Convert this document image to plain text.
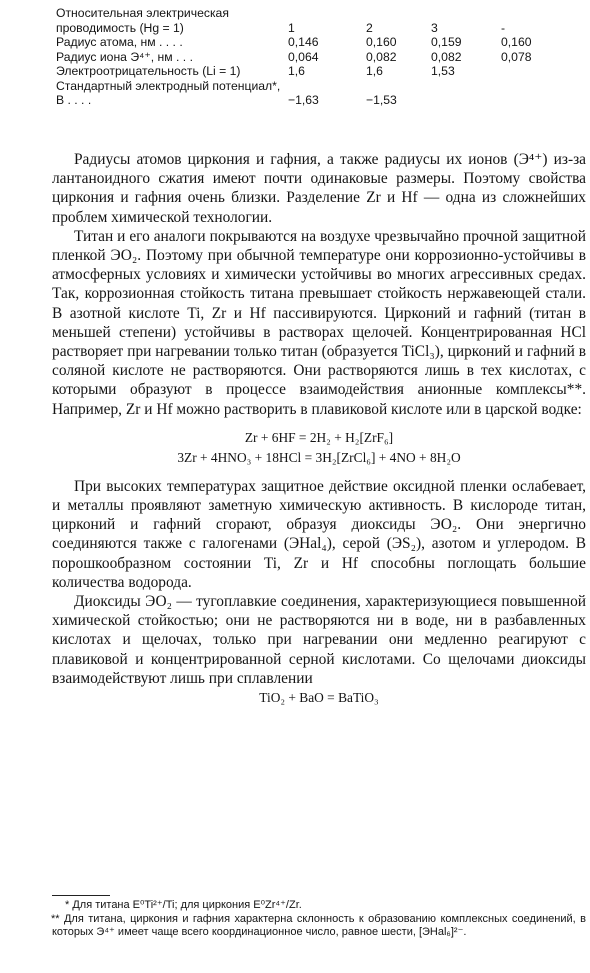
Относительная электрическая проводимость (Hg = 1)	1	2	3	-
Радиус атома, нм . . . .	0,146	0,160	0,159	0,160
Радиус иона Э⁴⁺, нм . . .	0,064	0,082	0,082	0,078
Электроотрицательность (Li = 1)	1,6	1,6	1,53	
Стандартный электродный потенциал*, В . . . .	−1,63	−1,53		

Радиусы атомов циркония и гафния, а также радиусы их ионов (Э⁴⁺) из-за лантаноидного сжатия имеют почти одинаковые размеры. Поэтому свойства циркония и гафния очень близки. Разделение Zr и Hf — одна из сложнейших проблем химической технологии.

Титан и его аналоги покрываются на воздухе чрезвычайно прочной защитной пленкой ЭО₂. Поэтому при обычной температуре они коррозионно-устойчивы в атмосферных условиях и химически устойчивы во многих агрессивных средах. Так, коррозионная стойкость титана превышает стойкость нержавеющей стали. В азотной кислоте Ti, Zr и Hf пассивируются. Цирконий и гафний (титан в меньшей степени) устойчивы в растворах щелочей. Концентрированная HCl растворяет при нагревании только титан (образуется TiCl₃), цирконий и гафний в соляной кислоте не растворяются. Они растворяются лишь в тех кислотах, с которыми образуют в процессе взаимодействия анионные комплексы**. Например, Zr и Hf можно растворить в плавиковой кислоте или в царской водке:

Zr + 6HF = 2H₂ + H₂[ZrF₆]

3Zr + 4HNO₃ + 18HCl = 3H₂[ZrCl₆] + 4NO + 8H₂O

При высоких температурах защитное действие оксидной пленки ослабевает, и металлы проявляют заметную химическую активность. В кислороде титан, цирконий и гафний сгорают, образуя диоксиды ЭО₂. Они энергично соединяются также с галогенами (ЭHal₄), серой (ЭS₂), азотом и углеродом. В порошкообразном состоянии Ti, Zr и Hf способны поглощать большие количества водорода.

Диоксиды ЭО₂ — тугоплавкие соединения, характеризующиеся повышенной химической стойкостью; они не растворяются ни в воде, ни в разбавленных кислотах и щелочах, только при нагревании они медленно реагируют с плавиковой и концентрированной серной кислотами. Со щелочами диоксиды взаимодействуют лишь при сплавлении

TiO₂ + BaO = BaTiO₃

* Для титана E⁰Ti²⁺/Ti; для циркония E⁰Zr⁴⁺/Zr.

** Для титана, циркония и гафния характерна склонность к образованию комплексных соединений, в которых Э⁴⁺ имеет чаще всего координационное число, равное шести, [ЭHal₆]²⁻.
